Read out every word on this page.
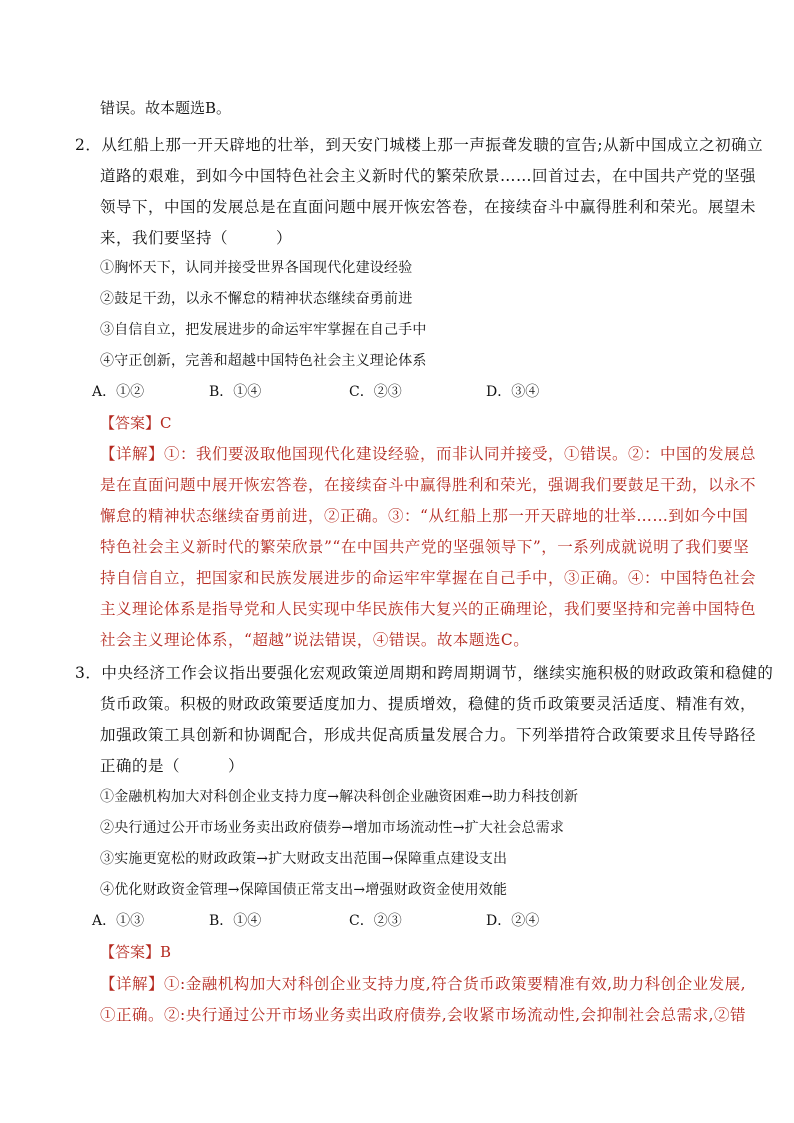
错误。故本题选B。
2．从红船上那一开天辟地的壮举，到天安门城楼上那一声振聋发聩的宣告;从新中国成立之初确立
道路的艰难，到如今中国特色社会主义新时代的繁荣欣景……回首过去，在中国共产党的坚强
领导下，中国的发展总是在直面问题中展开恢宏答卷，在接续奋斗中赢得胜利和荣光。展望未
来，我们要坚持（　　　）
①胸怀天下，认同并接受世界各国现代化建设经验
②鼓足干劲，以永不懈怠的精神状态继续奋勇前进
③自信自立，把发展进步的命运牢牢掌握在自己手中
④守正创新，完善和超越中国特色社会主义理论体系
A．①②	B．①④	C．②③	D．③④
【答案】C
【详解】①：我们要汲取他国现代化建设经验，而非认同并接受，①错误。②：中国的发展总
是在直面问题中展开恢宏答卷，在接续奋斗中赢得胜利和荣光，强调我们要鼓足干劲，以永不
懈怠的精神状态继续奋勇前进，②正确。③：“从红船上那一开天辟地的壮举……到如今中国
特色社会主义新时代的繁荣欣景”“在中国共产党的坚强领导下”，一系列成就说明了我们要坚
持自信自立，把国家和民族发展进步的命运牢牢掌握在自己手中，③正确。④：中国特色社会
主义理论体系是指导党和人民实现中华民族伟大复兴的正确理论，我们要坚持和完善中国特色
社会主义理论体系，“超越”说法错误，④错误。故本题选C。
3．中央经济工作会议指出要强化宏观政策逆周期和跨周期调节，继续实施积极的财政政策和稳健的
货币政策。积极的财政政策要适度加力、提质增效，稳健的货币政策要灵活适度、精准有效，
加强政策工具创新和协调配合，形成共促高质量发展合力。下列举措符合政策要求且传导路径
正确的是（　　　）
①金融机构加大对科创企业支持力度→解决科创企业融资困难→助力科技创新
②央行通过公开市场业务卖出政府债券→增加市场流动性→扩大社会总需求
③实施更宽松的财政政策→扩大财政支出范围→保障重点建设支出
④优化财政资金管理→保障国债正常支出→增强财政资金使用效能
A．①③	B．①④	C．②③	D．②④
【答案】B
【详解】①:金融机构加大对科创企业支持力度,符合货币政策要精准有效,助力科创企业发展,
①正确。②:央行通过公开市场业务卖出政府债券,会收紧市场流动性,会抑制社会总需求,②错
